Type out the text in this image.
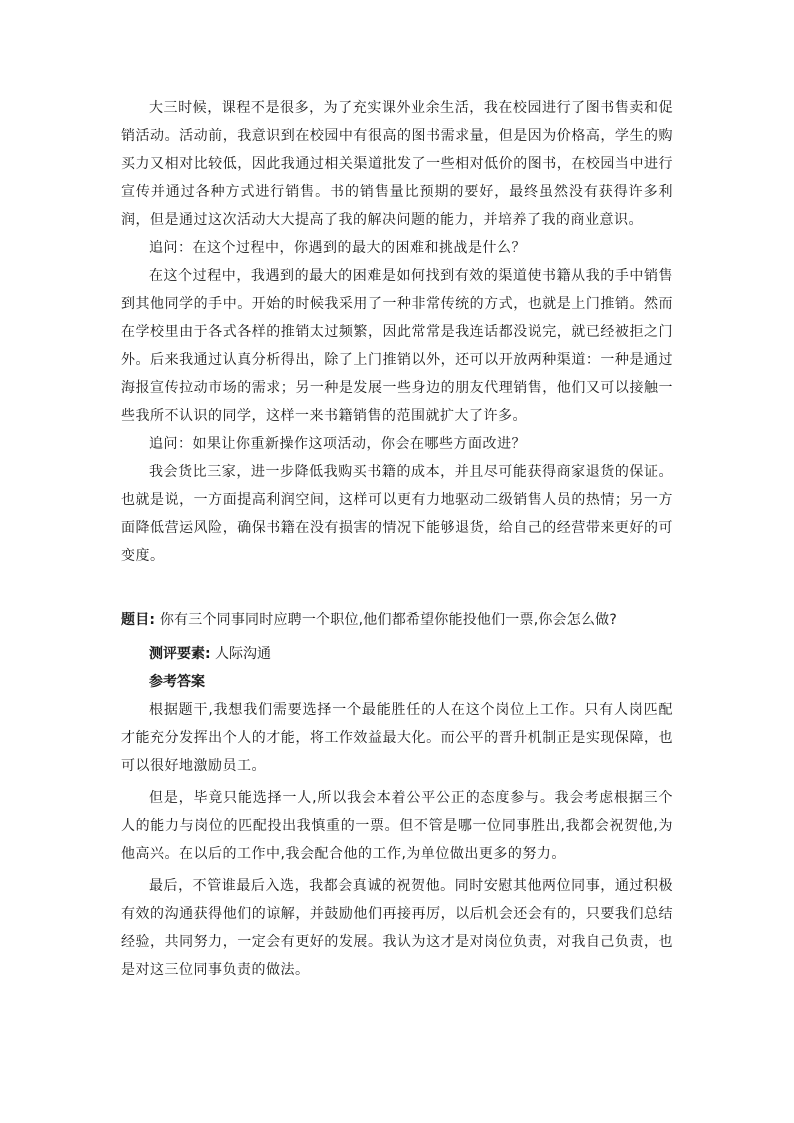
大三时候，课程不是很多，为了充实课外业余生活，我在校园进行了图书售卖和促销活动。活动前，我意识到在校园中有很高的图书需求量，但是因为价格高，学生的购买力又相对比较低，因此我通过相关渠道批发了一些相对低价的图书，在校园当中进行宣传并通过各种方式进行销售。书的销售量比预期的要好，最终虽然没有获得许多利润，但是通过这次活动大大提高了我的解决问题的能力，并培养了我的商业意识。

追问：在这个过程中，你遇到的最大的困难和挑战是什么？

在这个过程中，我遇到的最大的困难是如何找到有效的渠道使书籍从我的手中销售到其他同学的手中。开始的时候我采用了一种非常传统的方式，也就是上门推销。然而在学校里由于各式各样的推销太过频繁，因此常常是我连话都没说完，就已经被拒之门外。后来我通过认真分析得出，除了上门推销以外，还可以开放两种渠道：一种是通过海报宣传拉动市场的需求；另一种是发展一些身边的朋友代理销售，他们又可以接触一些我所不认识的同学，这样一来书籍销售的范围就扩大了许多。

追问：如果让你重新操作这项活动，你会在哪些方面改进？

我会货比三家，进一步降低我购买书籍的成本，并且尽可能获得商家退货的保证。也就是说，一方面提高利润空间，这样可以更有力地驱动二级销售人员的热情；另一方面降低营运风险，确保书籍在没有损害的情况下能够退货，给自己的经营带来更好的可变度。

题目: 你有三个同事同时应聘一个职位,他们都希望你能投他们一票,你会怎么做?

测评要素: 人际沟通

参考答案

根据题干,我想我们需要选择一个最能胜任的人在这个岗位上工作。只有人岗匹配才能充分发挥出个人的才能，将工作效益最大化。而公平的晋升机制正是实现保障，也可以很好地激励员工。

但是，毕竟只能选择一人,所以我会本着公平公正的态度参与。我会考虑根据三个人的能力与岗位的匹配投出我慎重的一票。但不管是哪一位同事胜出,我都会祝贺他,为他高兴。在以后的工作中,我会配合他的工作,为单位做出更多的努力。

最后，不管谁最后入选，我都会真诚的祝贺他。同时安慰其他两位同事，通过积极有效的沟通获得他们的谅解，并鼓励他们再接再厉，以后机会还会有的，只要我们总结经验，共同努力，一定会有更好的发展。我认为这才是对岗位负责，对我自己负责，也是对这三位同事负责的做法。
